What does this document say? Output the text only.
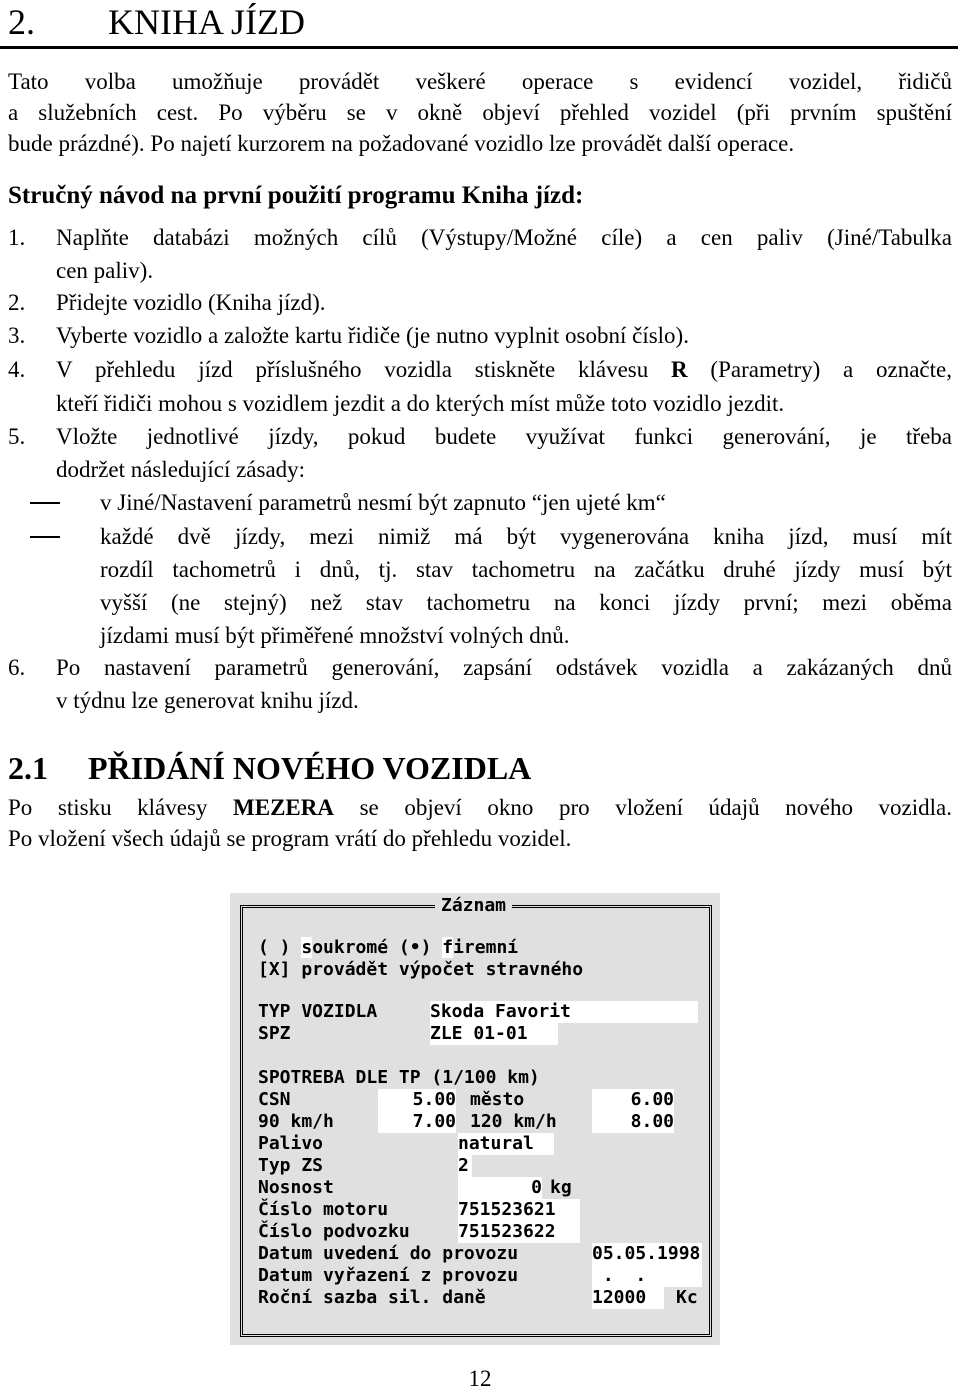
2. KNIHA JÍZD
Tato volba umožňuje provádět veškeré operace s evidencí vozidel, řidičů
a služebních cest. Po výběru se v okně objeví přehled vozidel (při prvním spuštění
bude prázdné). Po najetí kurzorem na požadované vozidlo lze provádět další operace.
Stručný návod na první použití programu Kniha jízd:
1. Naplňte databázi možných cílů (Výstupy/Možné cíle) a cen paliv (Jiné/Tabulka
cen paliv).
2. Přidejte vozidlo (Kniha jízd).
3. Vyberte vozidlo a založte kartu řidiče (je nutno vyplnit osobní číslo).
4. V přehledu jízd příslušného vozidla stiskněte klávesu R (Parametry) a označte,
kteří řidiči mohou s vozidlem jezdit a do kterých míst může toto vozidlo jezdit.
5. Vložte jednotlivé jízdy, pokud budete využívat funkci generování, je třeba
dodržet následující zásady:
v Jiné/Nastavení parametrů nesmí být zapnuto “jen ujeté km“
každé dvě jízdy, mezi nimiž má být vygenerována kniha jízd, musí mít
rozdíl tachometrů i dnů, tj. stav tachometru na začátku druhé jízdy musí být
vyšší (ne stejný) než stav tachometru na konci jízdy první; mezi oběma
jízdami musí být přiměřené množství volných dnů.
6. Po nastavení parametrů generování, zapsání odstávek vozidla a zakázaných dnů
v týdnu lze generovat knihu jízd.
2.1 PŘIDÁNÍ NOVÉHO VOZIDLA
Po stisku klávesy MEZERA se objeví okno pro vložení údajů nového vozidla.
Po vložení všech údajů se program vrátí do přehledu vozidel.
Záznam
( ) soukromé (•) firemní
[X] provádět výpočet stravného
TYP VOZIDLA	Skoda Favorit
SPZ	ZLE 01-01
SPOTREBA DLE TP (1/100 km)
CSN	5.00 město	6.00
90 km/h	7.00 120 km/h	8.00
Palivo	natural
Typ ZS	2
Nosnost	0 kg
Číslo motoru	751523621
Číslo podvozku	751523622
Datum uvedení do provozu	05.05.1998
Datum vyřazení z provozu	.  .
Roční sazba sil. daně	12000	Kc
12
